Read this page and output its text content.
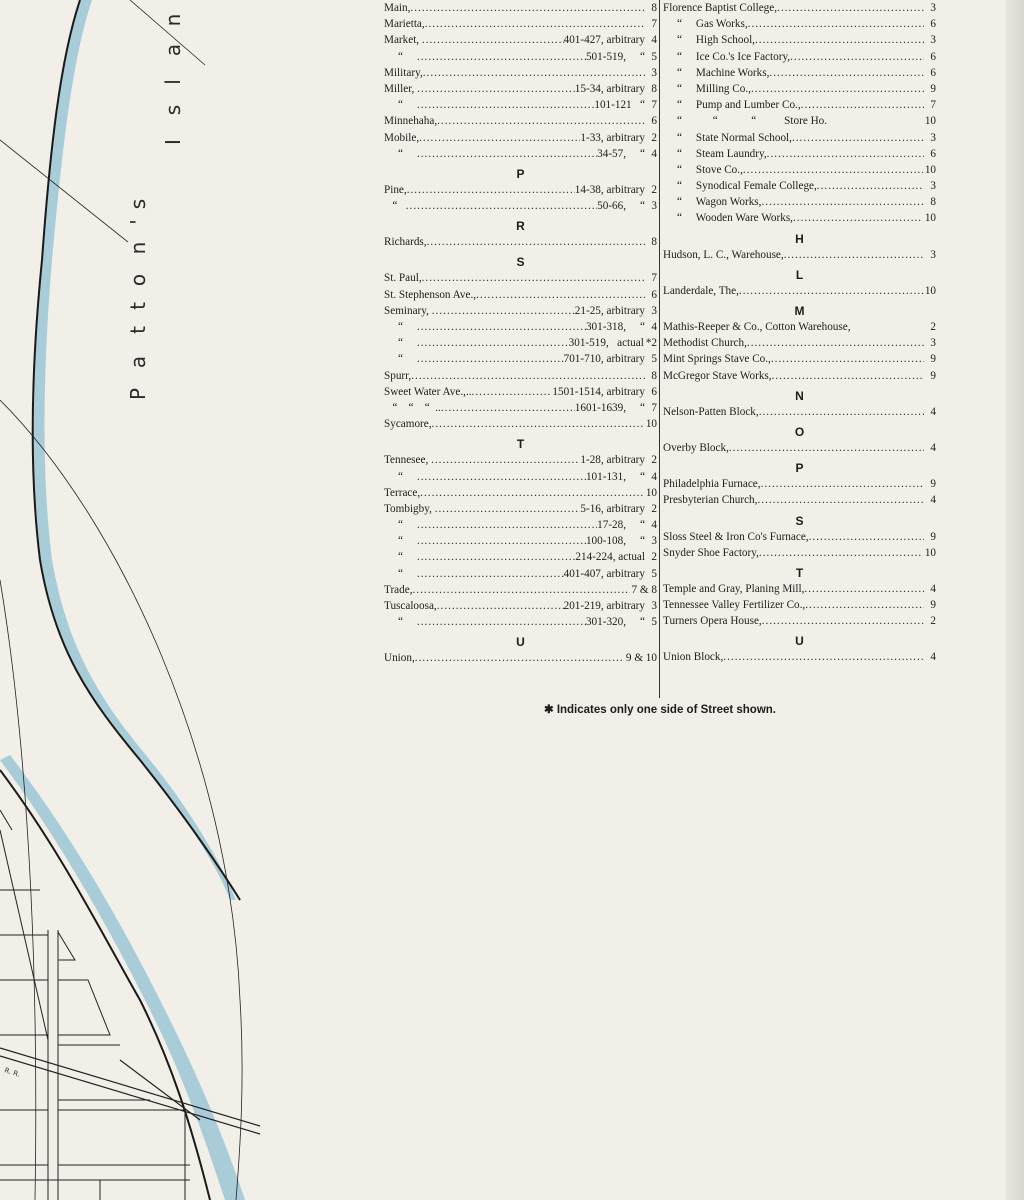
R. R.
P
a
t
t
o
n
'
s
I
s
l
a
n
Main, .....	8
Marietta, .....	7
Market, .....	401-427, arbitrary 4
“ .....	501-519,     “ 5
Military, .....	3
Miller, .....	15-34, arbitrary 8
“ .....	101-121   “ 7
Minnehaha, .....	6
Mobile, .....	1-33, arbitrary 2
“ .....	34-57,     “ 4
P
Pine, .....	14-38, arbitrary 2
“ .....	50-66,     “ 3
R
Richards, .....	8
S
St. Paul, .....	7
St. Stephenson Ave., .....	6
Seminary, .....	21-25, arbitrary 3
“ .....	301-318,     “ 4
“ .....	301-519,   actual *2
“ .....	701-710, arbitrary 5
Spurr, .....	8
Sweet Water Ave.,.. .....	1501-1514, arbitrary 6
“    “    “  .. .....	1601-1639,     “ 7
Sycamore, .....	10
T
Tennesee, .....	1-28, arbitrary 2
“ .....	101-131,     “ 4
Terrace, .....	10
Tombigby, .....	5-16, arbitrary 2
“ .....	17-28,     “ 4
“ .....	100-108,     “ 3
“ .....	214-224, actual 2
“ .....	401-407, arbitrary 5
Trade, .....	7 & 8
Tuscaloosa, .....	201-219, arbitrary 3
“ .....	301-320,     “ 5
U
Union, .....	9 & 10
Florence Baptist College, .....	3
“     Gas Works, .....	6
“     High School, .....	3
“     Ice Co.'s Ice Factory, .....	6
“     Machine Works, .....	6
“     Milling Co., .....	9
“     Pump and Lumber Co., .....	7
“           “            “          Store Ho.	10
“     State Normal School, .....	3
“     Steam Laundry, .....	6
“     Stove Co., .....	10
“     Synodical Female College, .....	3
“     Wagon Works, .....	8
“     Wooden Ware Works, .....	10
H
Hudson, L. C., Warehouse, .....	3
L
Landerdale, The, .....	10
M
Mathis-Reeper & Co., Cotton Warehouse,	2
Methodist Church, .....	3
Mint Springs Stave Co., .....	9
McGregor Stave Works, .....	9
N
Nelson-Patten Block, .....	4
O
Overby Block, .....	4
P
Philadelphia Furnace, .....	9
Presbyterian Church, .....	4
S
Sloss Steel & Iron Co's Furnace, .....	9
Snyder Shoe Factory, .....	10
T
Temple and Gray, Planing Mill, .....	4
Tennessee Valley Fertilizer Co., .....	9
Turners Opera House, .....	2
U
Union Block, .....	4
✱ Indicates only one side of Street shown.
